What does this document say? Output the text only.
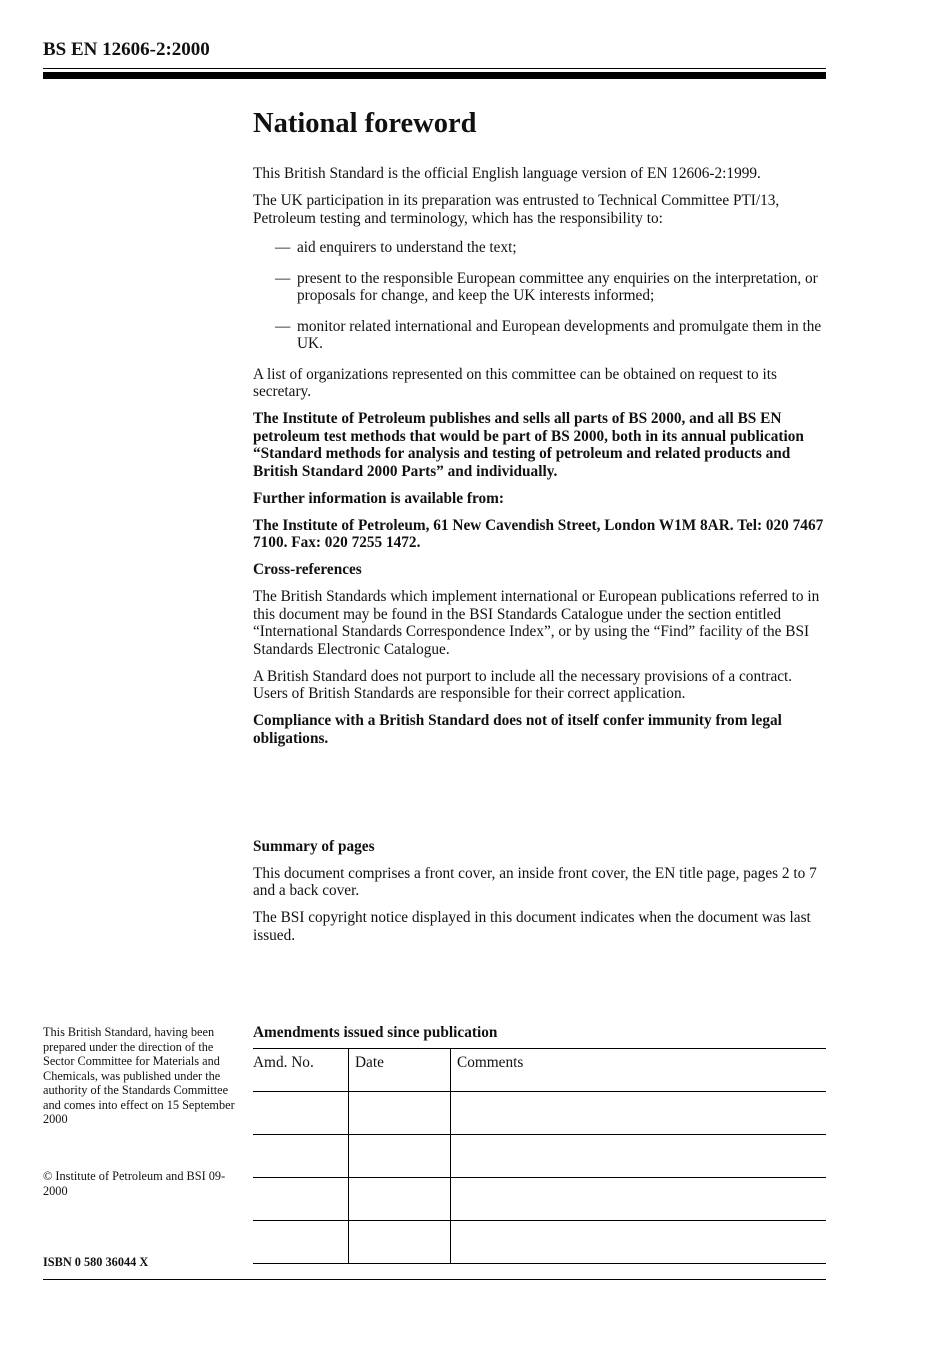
BS EN 12606-2:2000
National foreword

This British Standard is the official English language version of EN 12606-2:1999.

The UK participation in its preparation was entrusted to Technical Committee PTI/13, Petroleum testing and terminology, which has the responsibility to:

— aid enquirers to understand the text;
— present to the responsible European committee any enquiries on the interpretation, or proposals for change, and keep the UK interests informed;
— monitor related international and European developments and promulgate them in the UK.

A list of organizations represented on this committee can be obtained on request to its secretary.

The Institute of Petroleum publishes and sells all parts of BS 2000, and all BS EN petroleum test methods that would be part of BS 2000, both in its annual publication “Standard methods for analysis and testing of petroleum and related products and British Standard 2000 Parts” and individually.

Further information is available from:

The Institute of Petroleum, 61 New Cavendish Street, London W1M 8AR. Tel: 020 7467 7100. Fax: 020 7255 1472.

Cross-references

The British Standards which implement international or European publications referred to in this document may be found in the BSI Standards Catalogue under the section entitled “International Standards Correspondence Index”, or by using the “Find” facility of the BSI Standards Electronic Catalogue.

A British Standard does not purport to include all the necessary provisions of a contract. Users of British Standards are responsible for their correct application.

Compliance with a British Standard does not of itself confer immunity from legal obligations.

Summary of pages

This document comprises a front cover, an inside front cover, the EN title page, pages 2 to 7 and a back cover.

The BSI copyright notice displayed in this document indicates when the document was last issued.

Amendments issued since publication
Amd. No.	Date	Comments

This British Standard, having been prepared under the direction of the Sector Committee for Materials and Chemicals, was published under the authority of the Standards Committee and comes into effect on 15 September 2000
© Institute of Petroleum and BSI 09-2000
ISBN 0 580 36044 X
